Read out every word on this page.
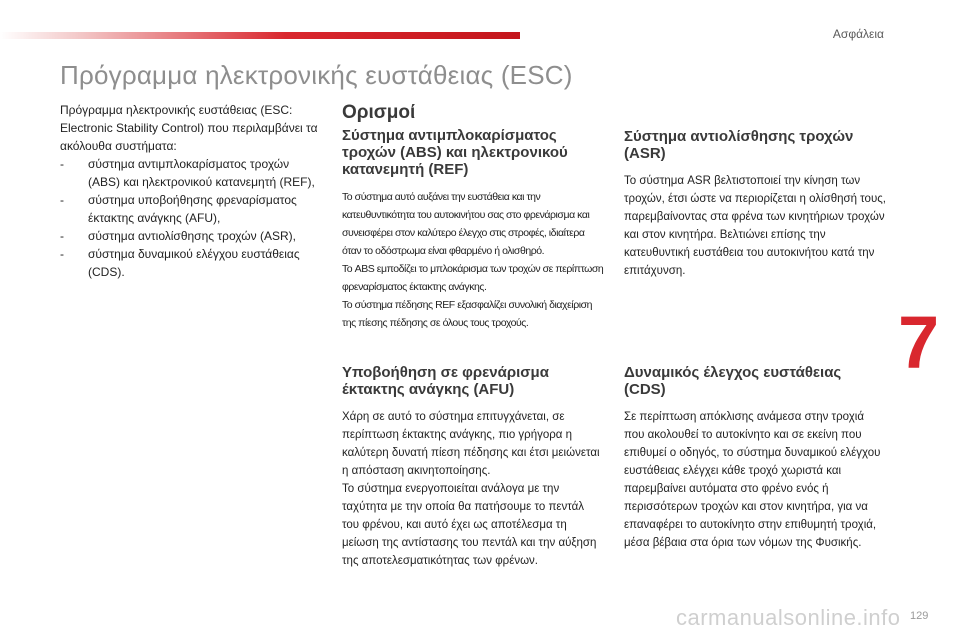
Ασφάλεια
Πρόγραμμα ηλεκτρονικής ευστάθειας (ESC)

Πρόγραμμα ηλεκτρονικής ευστάθειας (ESC: Electronic Stability Control) που περιλαμβάνει τα ακόλουθα συστήματα:

- σύστημα αντιμπλοκαρίσματος τροχών (ABS) και ηλεκτρονικού κατανεμητή (REF),
- σύστημα υποβοήθησης φρεναρίσματος έκτακτης ανάγκης (AFU),
- σύστημα αντιολίσθησης τροχών (ASR),
- σύστημα δυναμικού ελέγχου ευστάθειας (CDS).
Ορισμοί
Σύστημα αντιμπλοκαρίσματος τροχών (ABS) και ηλεκτρονικού κατανεμητή (REF)

Το σύστημα αυτό αυξάνει την ευστάθεια και την κατευθυντικότητα του αυτοκινήτου σας στο φρενάρισμα και συνεισφέρει στον καλύτερο έλεγχο στις στροφές, ιδιαίτερα όταν το οδόστρωμα είναι φθαρμένο ή ολισθηρό.

Το ABS εμποδίζει το μπλοκάρισμα των τροχών σε περίπτωση φρεναρίσματος έκτακτης ανάγκης.

Το σύστημα πέδησης REF εξασφαλίζει συνολική διαχείριση της πίεσης πέδησης σε όλους τους τροχούς.

Σύστημα αντιολίσθησης τροχών (ASR)

Το σύστημα ASR βελτιστοποιεί την κίνηση των τροχών, έτσι ώστε να περιορίζεται η ολίσθησή τους, παρεμβαίνοντας στα φρένα των κινητήριων τροχών και στον κινητήρα. Βελτιώνει επίσης την κατευθυντική ευστάθεια του αυτοκινήτου κατά την επιτάχυνση.

Υποβοήθηση σε φρενάρισμα έκτακτης ανάγκης (AFU)

Χάρη σε αυτό το σύστημα επιτυγχάνεται, σε περίπτωση έκτακτης ανάγκης, πιο γρήγορα η καλύτερη δυνατή πίεση πέδησης και έτσι μειώνεται η απόσταση ακινητοποίησης.

Το σύστημα ενεργοποιείται ανάλογα με την ταχύτητα με την οποία θα πατήσουμε το πεντάλ του φρένου, και αυτό έχει ως αποτέλεσμα τη μείωση της αντίστασης του πεντάλ και την αύξηση της αποτελεσματικότητας των φρένων.

Δυναμικός έλεγχος ευστάθειας (CDS)

Σε περίπτωση απόκλισης ανάμεσα στην τροχιά που ακολουθεί το αυτοκίνητο και σε εκείνη που επιθυμεί ο οδηγός, το σύστημα δυναμικού ελέγχου ευστάθειας ελέγχει κάθε τροχό χωριστά και παρεμβαίνει αυτόματα στο φρένο ενός ή περισσότερων τροχών και στον κινητήρα, για να επαναφέρει το αυτοκίνητο στην επιθυμητή τροχιά, μέσα βέβαια στα όρια των νόμων της Φυσικής.

7
carmanualsonline.info 129
